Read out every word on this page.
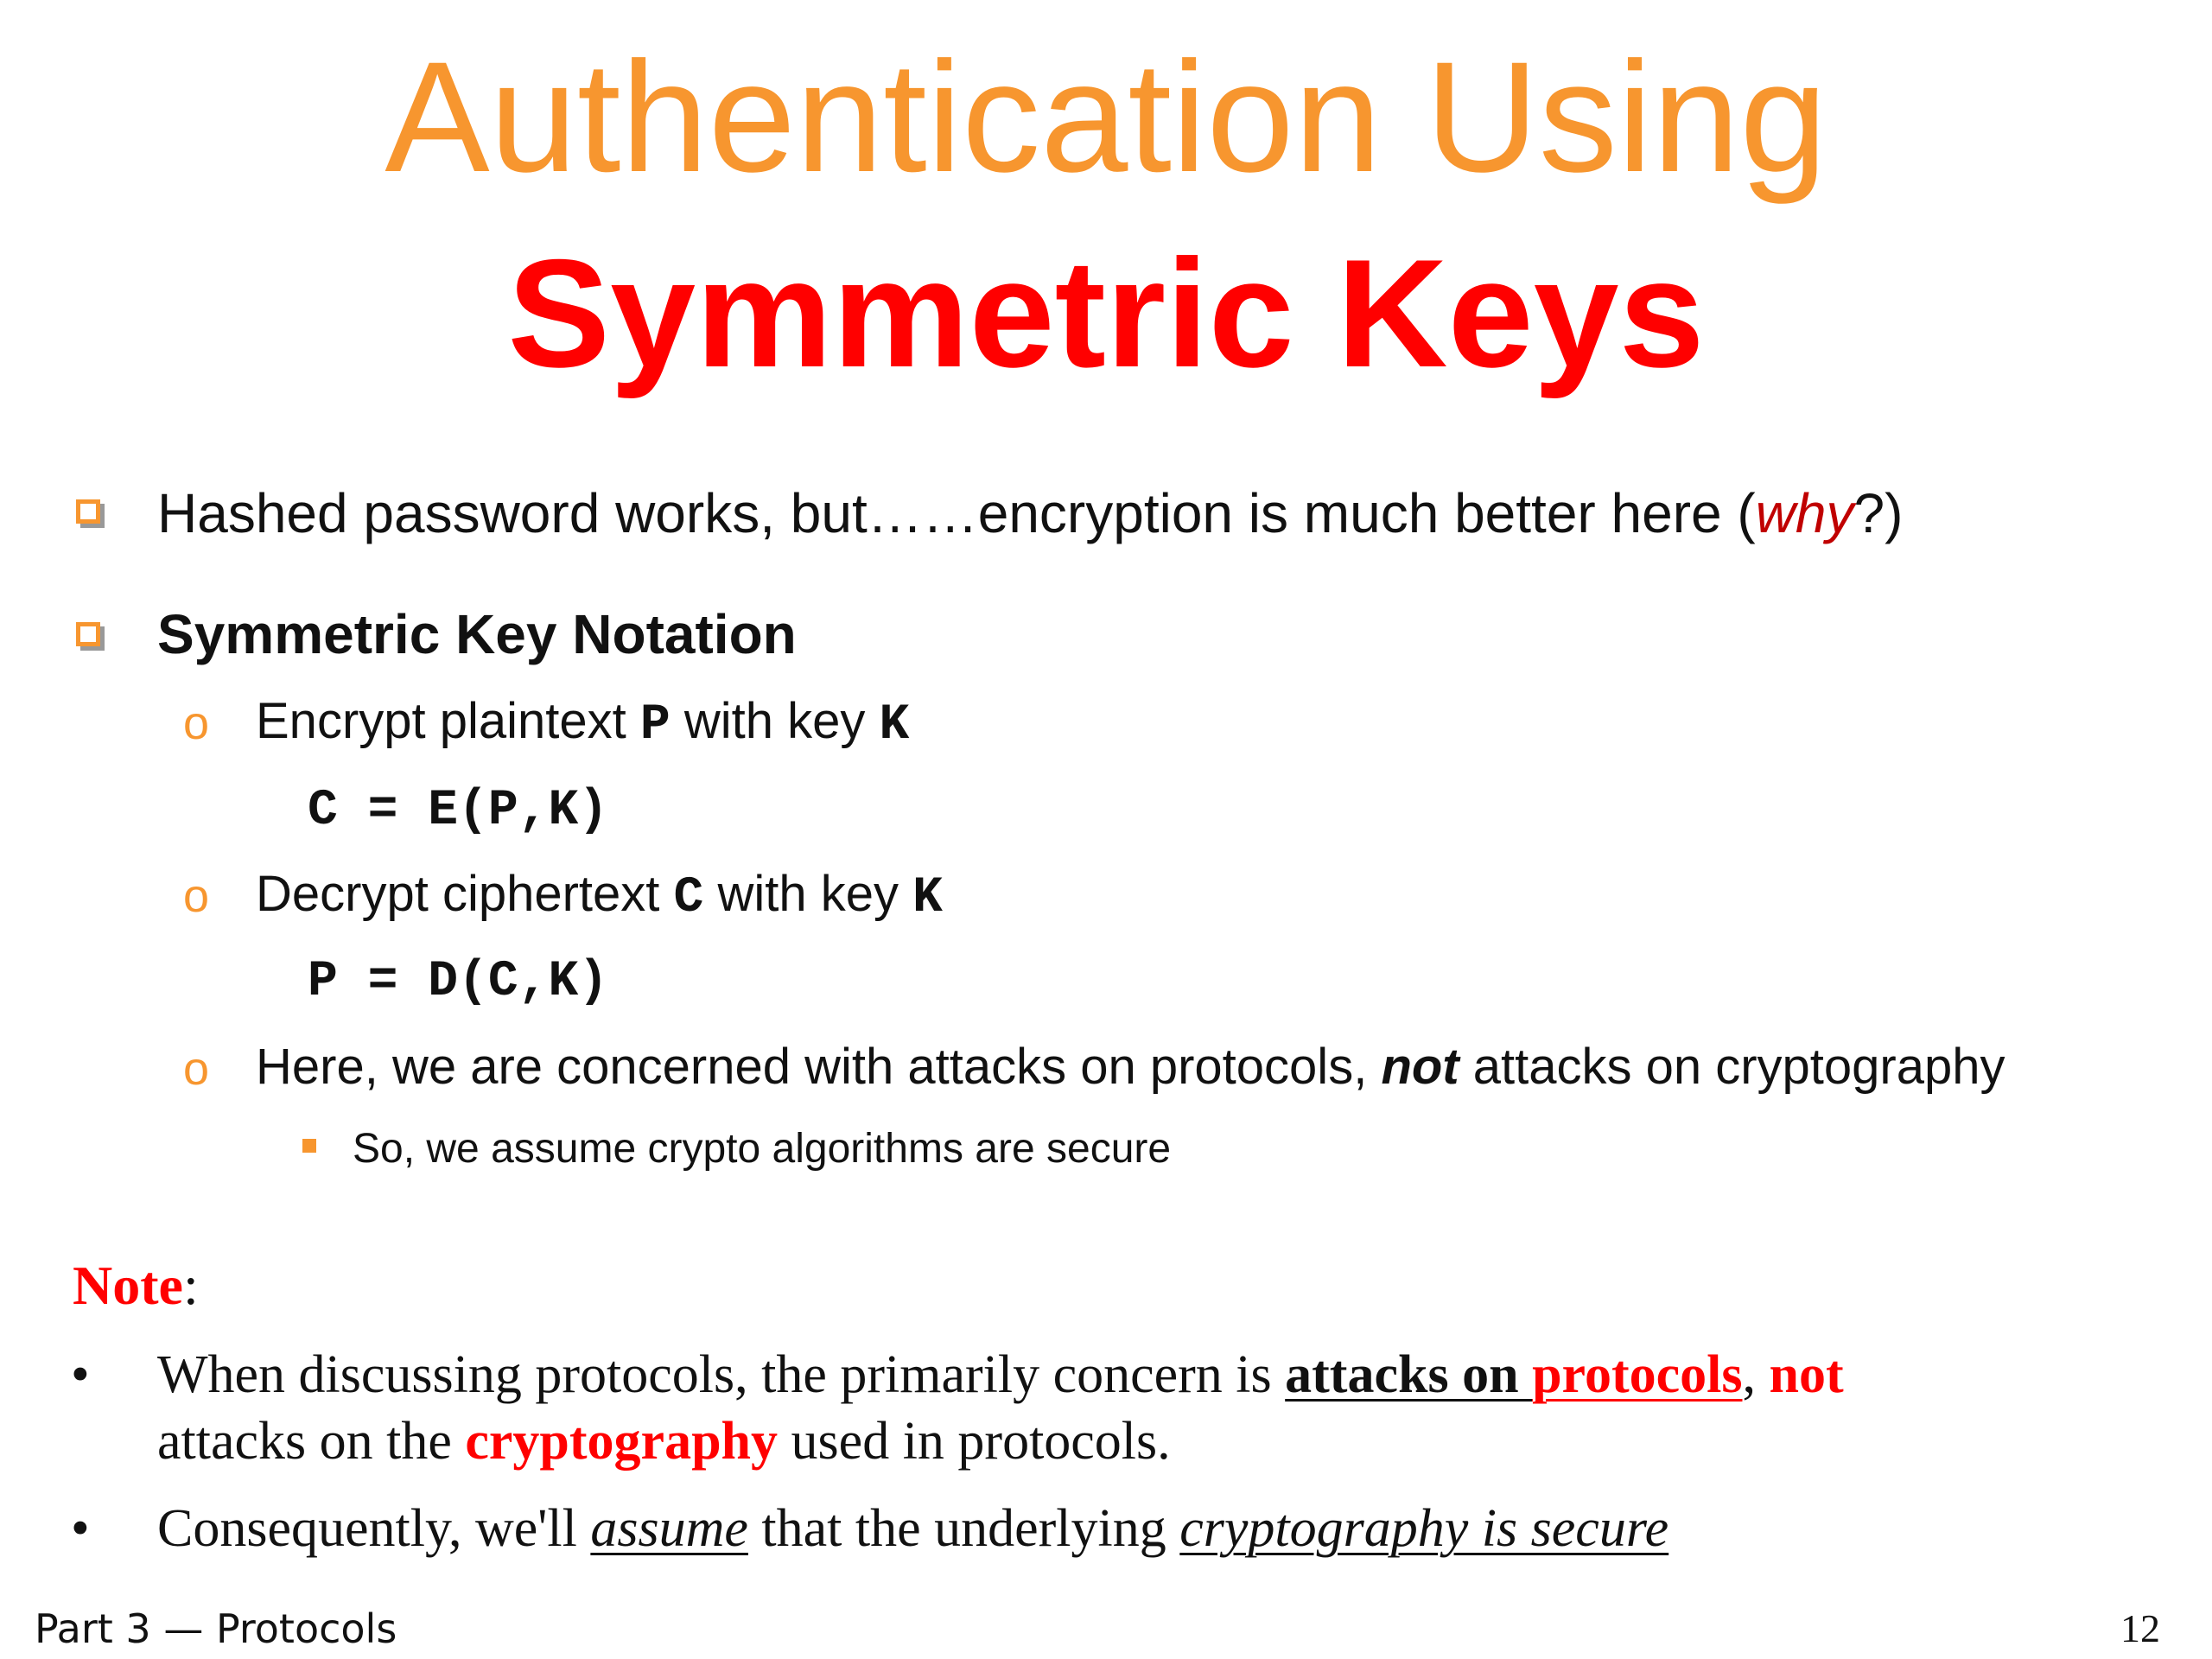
Authentication Using
Symmetric Keys
Hashed password works, but……encryption is much better here (why?)
Symmetric Key Notation
o Encrypt plaintext P with key K
C = E(P,K)
o Decrypt ciphertext C with key K
P = D(C,K)
o Here, we are concerned with attacks on protocols, not attacks on cryptography
So, we assume crypto algorithms are secure
Note:
• When discussing protocols, the primarily concern is attacks on protocols, not
attacks on the cryptography used in protocols.
• Consequently, we'll assume that the underlying cryptography is secure
Part 3 — Protocols	12
